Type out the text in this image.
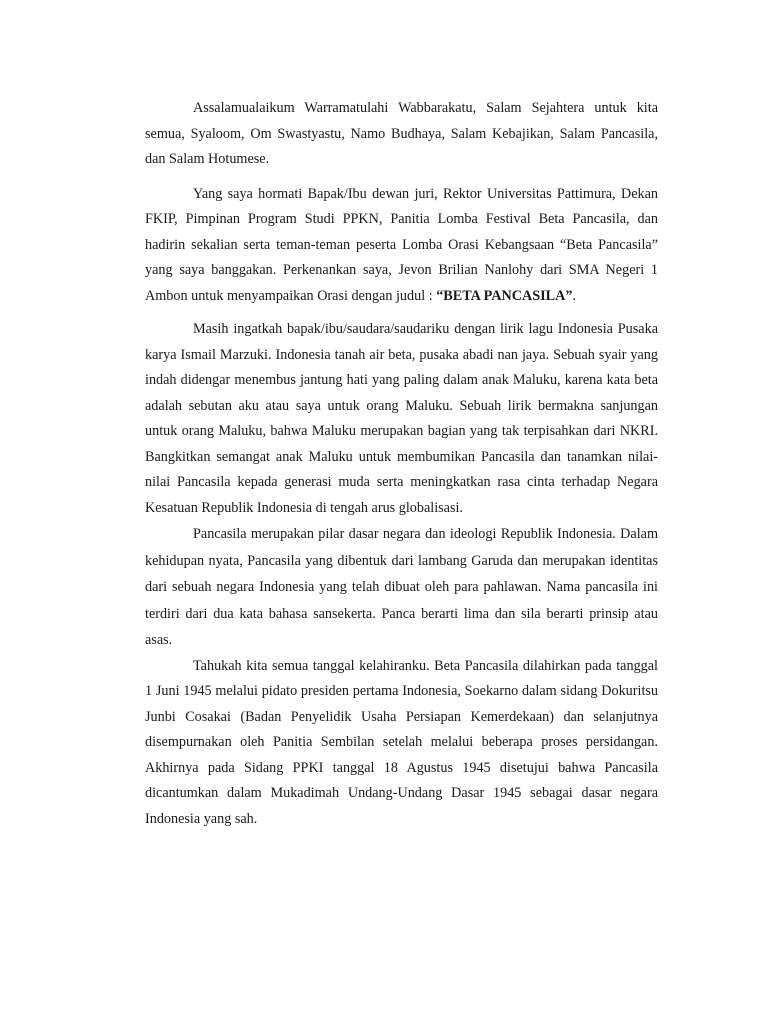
Assalamualaikum Warramatulahi Wabbarakatu, Salam Sejahtera untuk kita semua, Syaloom, Om Swastyastu, Namo Budhaya, Salam Kebajikan, Salam Pancasila, dan Salam Hotumese.

Yang saya hormati Bapak/Ibu dewan juri, Rektor Universitas Pattimura, Dekan FKIP, Pimpinan Program Studi PPKN, Panitia Lomba Festival Beta Pancasila, dan hadirin sekalian serta teman-teman peserta Lomba Orasi Kebangsaan “Beta Pancasila” yang saya banggakan. Perkenankan saya, Jevon Brilian Nanlohy dari SMA Negeri 1 Ambon untuk menyampaikan Orasi dengan judul : “BETA PANCASILA”.

Masih ingatkah bapak/ibu/saudara/saudariku dengan lirik lagu Indonesia Pusaka karya Ismail Marzuki. Indonesia tanah air beta, pusaka abadi nan jaya. Sebuah syair yang indah didengar menembus jantung hati yang paling dalam anak Maluku, karena kata beta adalah sebutan aku atau saya untuk orang Maluku. Sebuah lirik bermakna sanjungan untuk orang Maluku, bahwa Maluku merupakan bagian yang tak terpisahkan dari NKRI. Bangkitkan semangat anak Maluku untuk membumikan Pancasila dan tanamkan nilai-nilai Pancasila kepada generasi muda serta meningkatkan rasa cinta terhadap Negara Kesatuan Republik Indonesia di tengah arus globalisasi.

Pancasila merupakan pilar dasar negara dan ideologi Republik Indonesia. Dalam kehidupan nyata, Pancasila yang dibentuk dari lambang Garuda dan merupakan identitas dari sebuah negara Indonesia yang telah dibuat oleh para pahlawan. Nama pancasila ini terdiri dari dua kata bahasa sansekerta. Panca berarti lima dan sila berarti prinsip atau asas.

Tahukah kita semua tanggal kelahiranku. Beta Pancasila dilahirkan pada tanggal 1 Juni 1945 melalui pidato presiden pertama Indonesia, Soekarno dalam sidang Dokuritsu Junbi Cosakai (Badan Penyelidik Usaha Persiapan Kemerdekaan) dan selanjutnya disempurnakan oleh Panitia Sembilan setelah melalui beberapa proses persidangan. Akhirnya pada Sidang PPKI tanggal 18 Agustus 1945 disetujui bahwa Pancasila dicantumkan dalam Mukadimah Undang-Undang Dasar 1945 sebagai dasar negara Indonesia yang sah.
